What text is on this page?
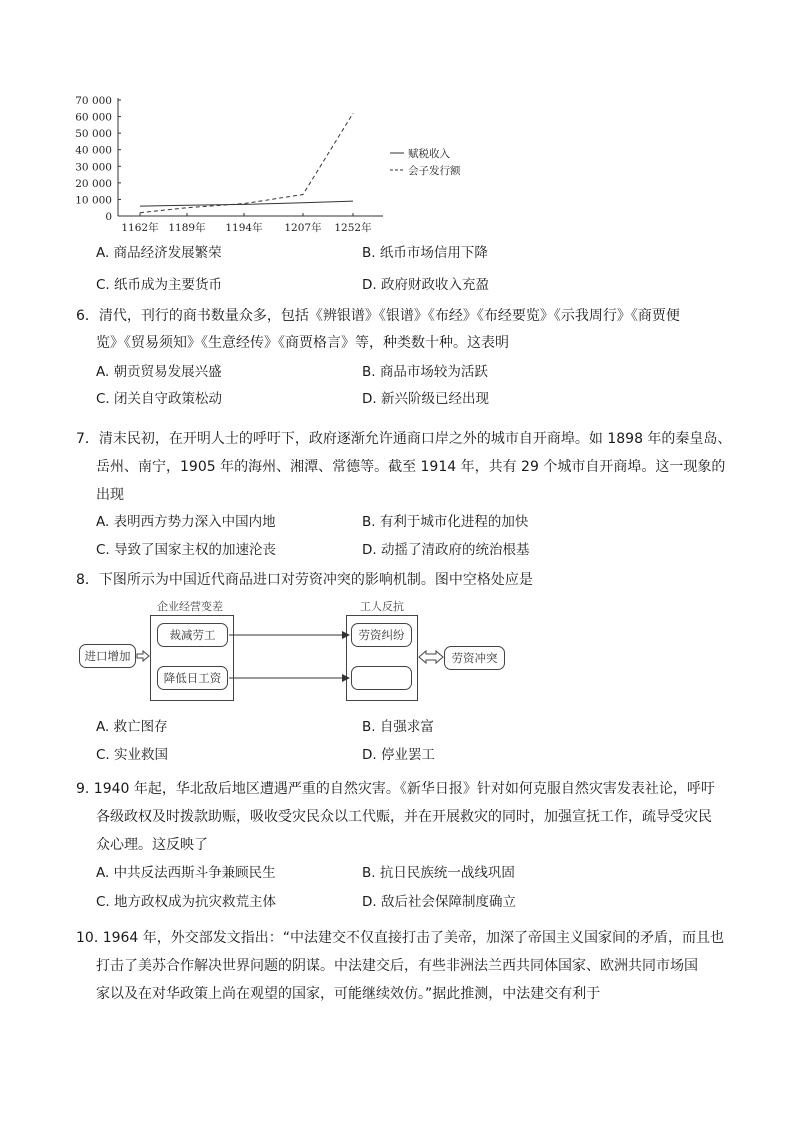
70 000
60 000
50 000
40 000
30 000
20 000
10 000
0
1162年 1189年 1194年 1207年 1252年
赋税收入
会子发行额
A. 商品经济发展繁荣	B. 纸币市场信用下降
C. 纸币成为主要货币	D. 政府财政收入充盈
6．清代，刊行的商书数量众多，包括《辨银谱》《银谱》《布经》《布经要览》《示我周行》《商贾便
览》《贸易须知》《生意经传》《商贾格言》等，种类数十种。这表明
A. 朝贡贸易发展兴盛	B. 商品市场较为活跃
C. 闭关自守政策松动	D. 新兴阶级已经出现
7．清末民初，在开明人士的呼吁下，政府逐渐允许通商口岸之外的城市自开商埠。如 1898 年的秦皇岛、
岳州、南宁，1905 年的海州、湘潭、常德等。截至 1914 年，共有 29 个城市自开商埠。这一现象的
出现
A. 表明西方势力深入中国内地	B. 有利于城市化进程的加快
C. 导致了国家主权的加速沦丧	D. 动摇了清政府的统治根基
8．下图所示为中国近代商品进口对劳资冲突的影响机制。图中空格处应是
企业经营变差	工人反抗
进口增加
裁减劳工
降低日工资
劳资纠纷
劳资冲突
A. 救亡图存	B. 自强求富
C. 实业救国	D. 停业罢工
9. 1940 年起，华北敌后地区遭遇严重的自然灾害。《新华日报》针对如何克服自然灾害发表社论，呼吁
各级政权及时拨款助赈，吸收受灾民众以工代赈，并在开展救灾的同时，加强宣抚工作，疏导受灾民
众心理。这反映了
A. 中共反法西斯斗争兼顾民生	B. 抗日民族统一战线巩固
C. 地方政权成为抗灾救荒主体	D. 敌后社会保障制度确立
10. 1964 年，外交部发文指出：“中法建交不仅直接打击了美帝，加深了帝国主义国家间的矛盾，而且也
打击了美苏合作解决世界问题的阴谋。中法建交后，有些非洲法兰西共同体国家、欧洲共同市场国
家以及在对华政策上尚在观望的国家，可能继续效仿。”据此推测，中法建交有利于
